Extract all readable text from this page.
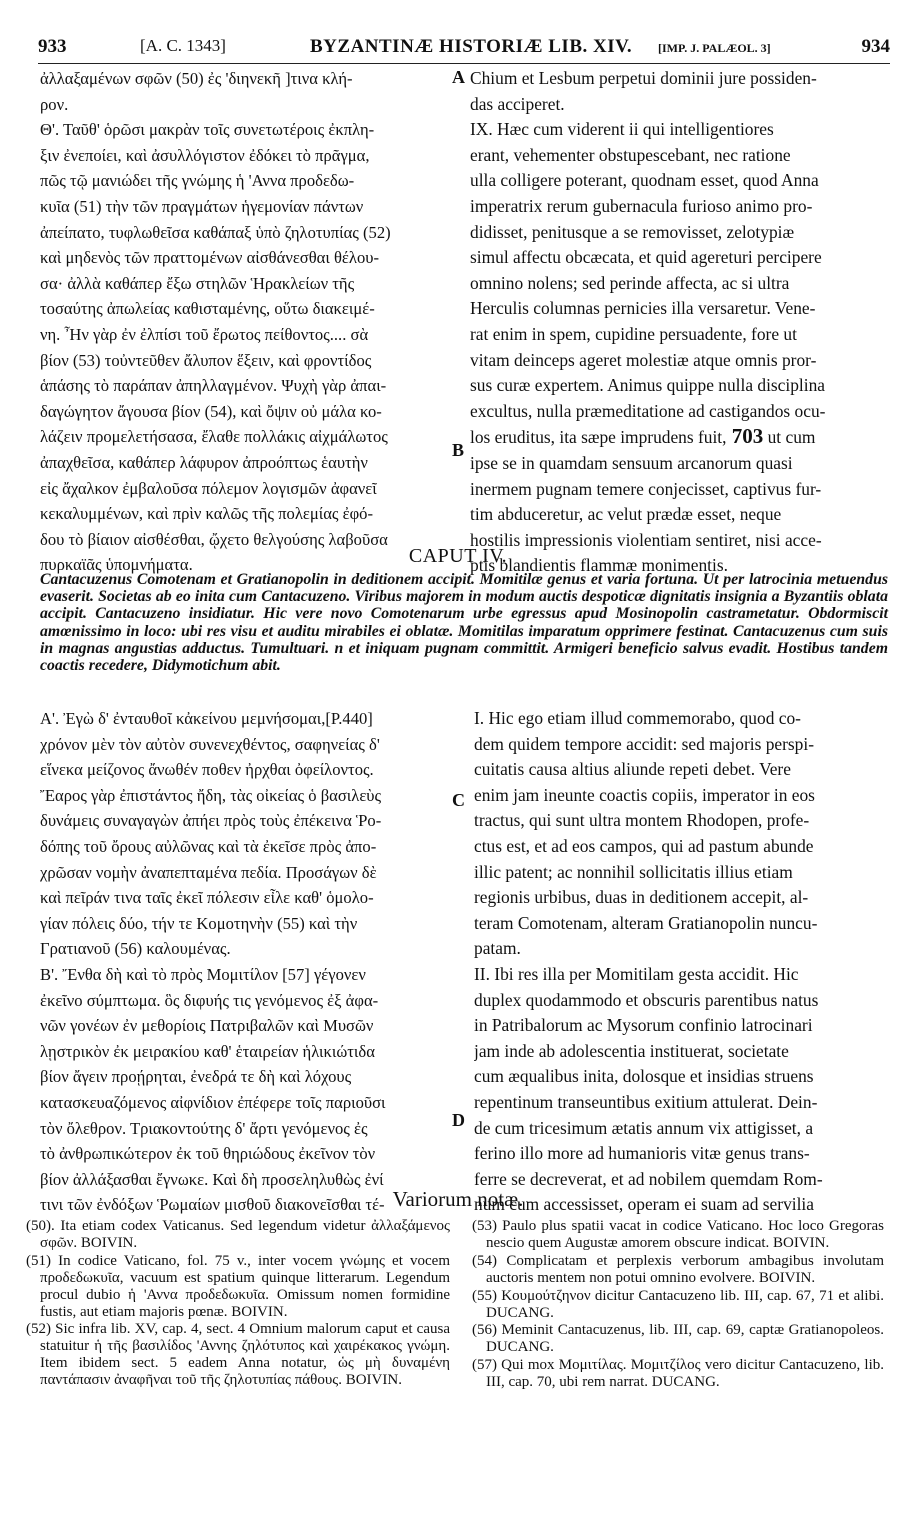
933	[A. C. 1343]	BYZANTINÆ HISTORIÆ LIB. XIV. [IMP. J. PALÆOL. 3]	934

ἀλλαξαμένων σφῶν (50) ἐς 'διηνεκῆ ]τινα κλή-

ρον.

Θ'. Ταῦθ' ὁρῶσι μακρὰν τοῖς συνετωτέροις ἐκπλη-

ξιν ἐνεποίει, καὶ ἀσυλλόγιστον ἐδόκει τὸ πρᾶγμα,

πῶς τῷ μανιώδει τῆς γνώμης ἡ 'Αννα προδεδω-

κυῖα (51) τὴν τῶν πραγμάτων ἡγεμονίαν πάντων

ἀπείπατο, τυφλωθεῖσα καθάπαξ ὑπὸ ζηλοτυπίας (52)

καὶ μηδενὸς τῶν πραττομένων αἰσθάνεσθαι θέλου-

σα· ἀλλὰ καθάπερ ἔξω στηλῶν Ἡρακλείων τῆς

τοσαύτης ἀπωλείας καθισταμένης, οὕτω διακειμέ-

νη. Ἦν γὰρ ἐν ἐλπίσι τοῦ ἔρωτος πείθοντος.... σὰ

βίον (53) τοὐντεῦθεν ἄλυπον ἕξειν, καὶ φροντίδος

ἁπάσης τὸ παράπαν ἀπηλλαγμένον. Ψυχὴ γὰρ ἀπαι-

δαγώγητον ἄγουσα βίον (54), καὶ ὄψιν οὐ μάλα κο-

λάζειν προμελετήσασα, ἔλαθε πολλάκις αἰχμάλωτος

ἀπαχθεῖσα, καθάπερ λάφυρον ἀπροόπτως ἑαυτὴν

εἰς ἄχαλκον ἐμβαλοῦσα πόλεμον λογισμῶν ἀφανεῖ

κεκαλυμμένων, καὶ πρὶν καλῶς τῆς πολεμίας ἐφό-

δου τὸ βίαιον αἰσθέσθαι, ᾤχετο θελγούσης λαβοῦσα

πυρκαϊᾶς ὑπομνήματα.

Chium et Lesbum perpetui dominii jure possiden-

das acciperet.

IX. Hæc cum viderent ii qui intelligentiores

erant, vehementer obstupescebant, nec ratione

ulla colligere poterant, quodnam esset, quod Anna

imperatrix rerum gubernacula furioso animo pro-

didisset, penitusque a se removisset, zelotypiæ

simul affectu obcæcata, et quid agereturi percipere

omnino nolens; sed perinde affecta, ac si ultra

Herculis columnas pernicies illa versaretur. Vene-

rat enim in spem, cupidine persuadente, fore ut

vitam deinceps ageret molestiæ atque omnis pror-

sus curæ expertem. Animus quippe nulla disciplina

excultus, nulla præmeditatione ad castigandos ocu-

los eruditus, ita sæpe imprudens fuit, 703 ut cum

ipse se in quamdam sensuum arcanorum quasi

inermem pugnam temere conjecisset, captivus fur-

tim abduceretur, ac velut prædæ esset, neque

hostilis impressionis violentiam sentiret, nisi acce-

ptis blandientis flammæ monimentis.

A
B
CAPUT IV.
Cantacuzenus Comotenam et Gratianopolin in deditionem accipit. Momitilæ genus et varia fortuna. Ut per latrocinia metuendus evaserit. Societas ab eo inita cum Cantacuzeno. Viribus majorem in modum auctis despoticæ dignitatis insignia a Byzantiis oblata accipit. Cantacuzeno insidiatur. Hic vere novo Comotenarum urbe egressus apud Mosinopolin castrametatur. Obdormiscit amœnissimo in loco: ubi res visu et auditu mirabiles ei oblatæ. Momitilas imparatum opprimere festinat. Cantacuzenus cum suis in magnas angustias adductus. Tumultuari. n et iniquam pugnam committit. Armigeri beneficio salvus evadit. Hostibus tandem coactis recedere, Didymotichum abit.

Α'. Ἐγὼ δ' ἐνταυθοῖ κἀκείνου μεμνήσομαι,[P.440]

χρόνον μὲν τὸν αὐτὸν συνενεχθέντος, σαφηνείας δ'

εἵνεκα μείζονος ἄνωθέν ποθεν ἠρχθαι ὀφείλοντος.

Ἔαρος γὰρ ἐπιστάντος ἤδη, τὰς οἰκείας ὁ βασιλεὺς

δυνάμεις συναγαγὼν ἀπήει πρὸς τοὺς ἐπέκεινα Ῥο-

δόπης τοῦ ὄρους αὐλῶνας καὶ τὰ ἐκεῖσε πρὸς ἀπο-

χρῶσαν νομὴν ἀναπεπταμένα πεδία. Προσάγων δὲ

καὶ πεῖράν τινα ταῖς ἐκεῖ πόλεσιν εἶλε καθ' ὁμολο-

γίαν πόλεις δύο, τήν τε Κομοτηνὴν (55) καὶ τὴν

Γρατιανοῦ (56) καλουμένας.

Β'. Ἔνθα δὴ καὶ τὸ πρὸς Μομιτίλον [57] γέγονεν

ἐκεῖνο σύμπτωμα. ὃς διφυής τις γενόμενος ἐξ ἀφα-

νῶν γονέων ἐν μεθορίοις Πατριβαλῶν καὶ Μυσῶν

λῃστρικὸν ἐκ μειρακίου καθ' ἑταιρείαν ἡλικιώτιδα

βίον ἄγειν προῄρηται, ἐνεδρά τε δὴ καὶ λόχους

κατασκευαζόμενος αἰφνίδιον ἐπέφερε τοῖς παριοῦσι

τὸν ὄλεθρον. Τριακοντούτης δ' ἄρτι γενόμενος ἐς

τὸ ἀνθρωπικώτερον ἐκ τοῦ θηριώδους ἐκεῖνον τὸν

βίον ἀλλάξασθαι ἔγνωκε. Καὶ δὴ προσεληλυθὼς ἐνί

τινι τῶν ἐνδόξων Ῥωμαίων μισθοῦ διακονεῖσθαι τέ-

I. Hic ego etiam illud commemorabo, quod co-

dem quidem tempore accidit: sed majoris perspi-

cuitatis causa altius aliunde repeti debet. Vere

enim jam ineunte coactis copiis, imperator in eos

tractus, qui sunt ultra montem Rhodopen, profe-

ctus est, et ad eos campos, qui ad pastum abunde

illic patent; ac nonnihil sollicitatis illius etiam

regionis urbibus, duas in deditionem accepit, al-

teram Comotenam, alteram Gratianopolin nuncu-

patam.

II. Ibi res illa per Momitilam gesta accidit. Hic

duplex quodammodo et obscuris parentibus natus

in Patribalorum ac Mysorum confinio latrocinari

jam inde ab adolescentia instituerat, societate

cum æqualibus inita, dolosque et insidias struens

repentinum transeuntibus exitium attulerat. Dein-

de cum tricesimum ætatis annum vix attigisset, a

ferino illo more ad humanioris vitæ genus trans-

ferre se decreverat, et ad nobilem quemdam Rom-

num cum accessisset, operam ei suam ad servilia

C
D
Variorum notæ.

(50). Ita etiam codex Vaticanus. Sed legendum videtur ἀλλαξάμενος σφῶν. BOIVIN.

(51) In codice Vaticano, fol. 75 v., inter vocem γνώμης et vocem προδεδωκυῖα, vacuum est spatium quinque litterarum. Legendum procul dubio ἡ 'Αννα προδεδωκυῖα. Omissum nomen formidine fustis, aut etiam majoris pœnæ. BOIVIN.

(52) Sic infra lib. XV, cap. 4, sect. 4 Omnium malorum caput et causa statuitur ἡ τῆς βασιλίδος 'Αννης ζηλότυπος καὶ χαιρέκακος γνώμη. Item ibidem sect. 5 eadem Anna notatur, ὡς μὴ δυναμένη παντάπασιν ἀναφῆναι τοῦ τῆς ζηλοτυπίας πάθους. BOIVIN.

(53) Paulo plus spatii vacat in codice Vaticano. Hoc loco Gregoras nescio quem Augustæ amorem obscure indicat. BOIVIN.

(54) Complicatam et perplexis verborum ambagibus involutam auctoris mentem non potui omnino evolvere. BOIVIN.

(55) Κουμούτζηνον dicitur Cantacuzeno lib. III, cap. 67, 71 et alibi. DUCANG.

(56) Meminit Cantacuzenus, lib. III, cap. 69, captæ Gratianopoleos. DUCANG.

(57) Qui mox Μομιτίλας. Μομιτζίλος vero dicitur Cantacuzeno, lib. III, cap. 70, ubi rem narrat. DUCANG.
